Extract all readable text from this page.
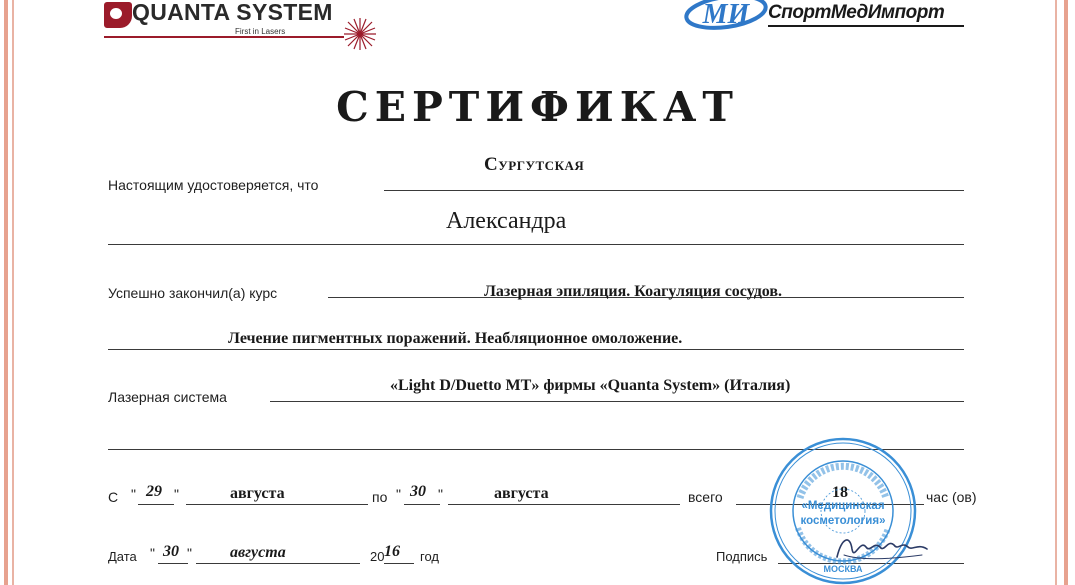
QUANTA SYSTEM
First in Lasers
МИ СпортМедИмпорт
СЕРТИФИКАТ
Настоящим удостоверяется, что
Сургутская
Александра
Успешно закончил(а) курс	Лазерная эпиляция. Коагуляция сосудов.
Лечение пигментных поражений. Неабляционное омоложение.
Лазерная система
«Light D/Duetto MT» фирмы «Quanta System» (Италия)
С " 29 "	августа	по " 30 "	августа	всего	18	час (ов)
Дата " 30 " августа	20 16 год	Подпись
«Медицинская
косметология»
МОСКВА
